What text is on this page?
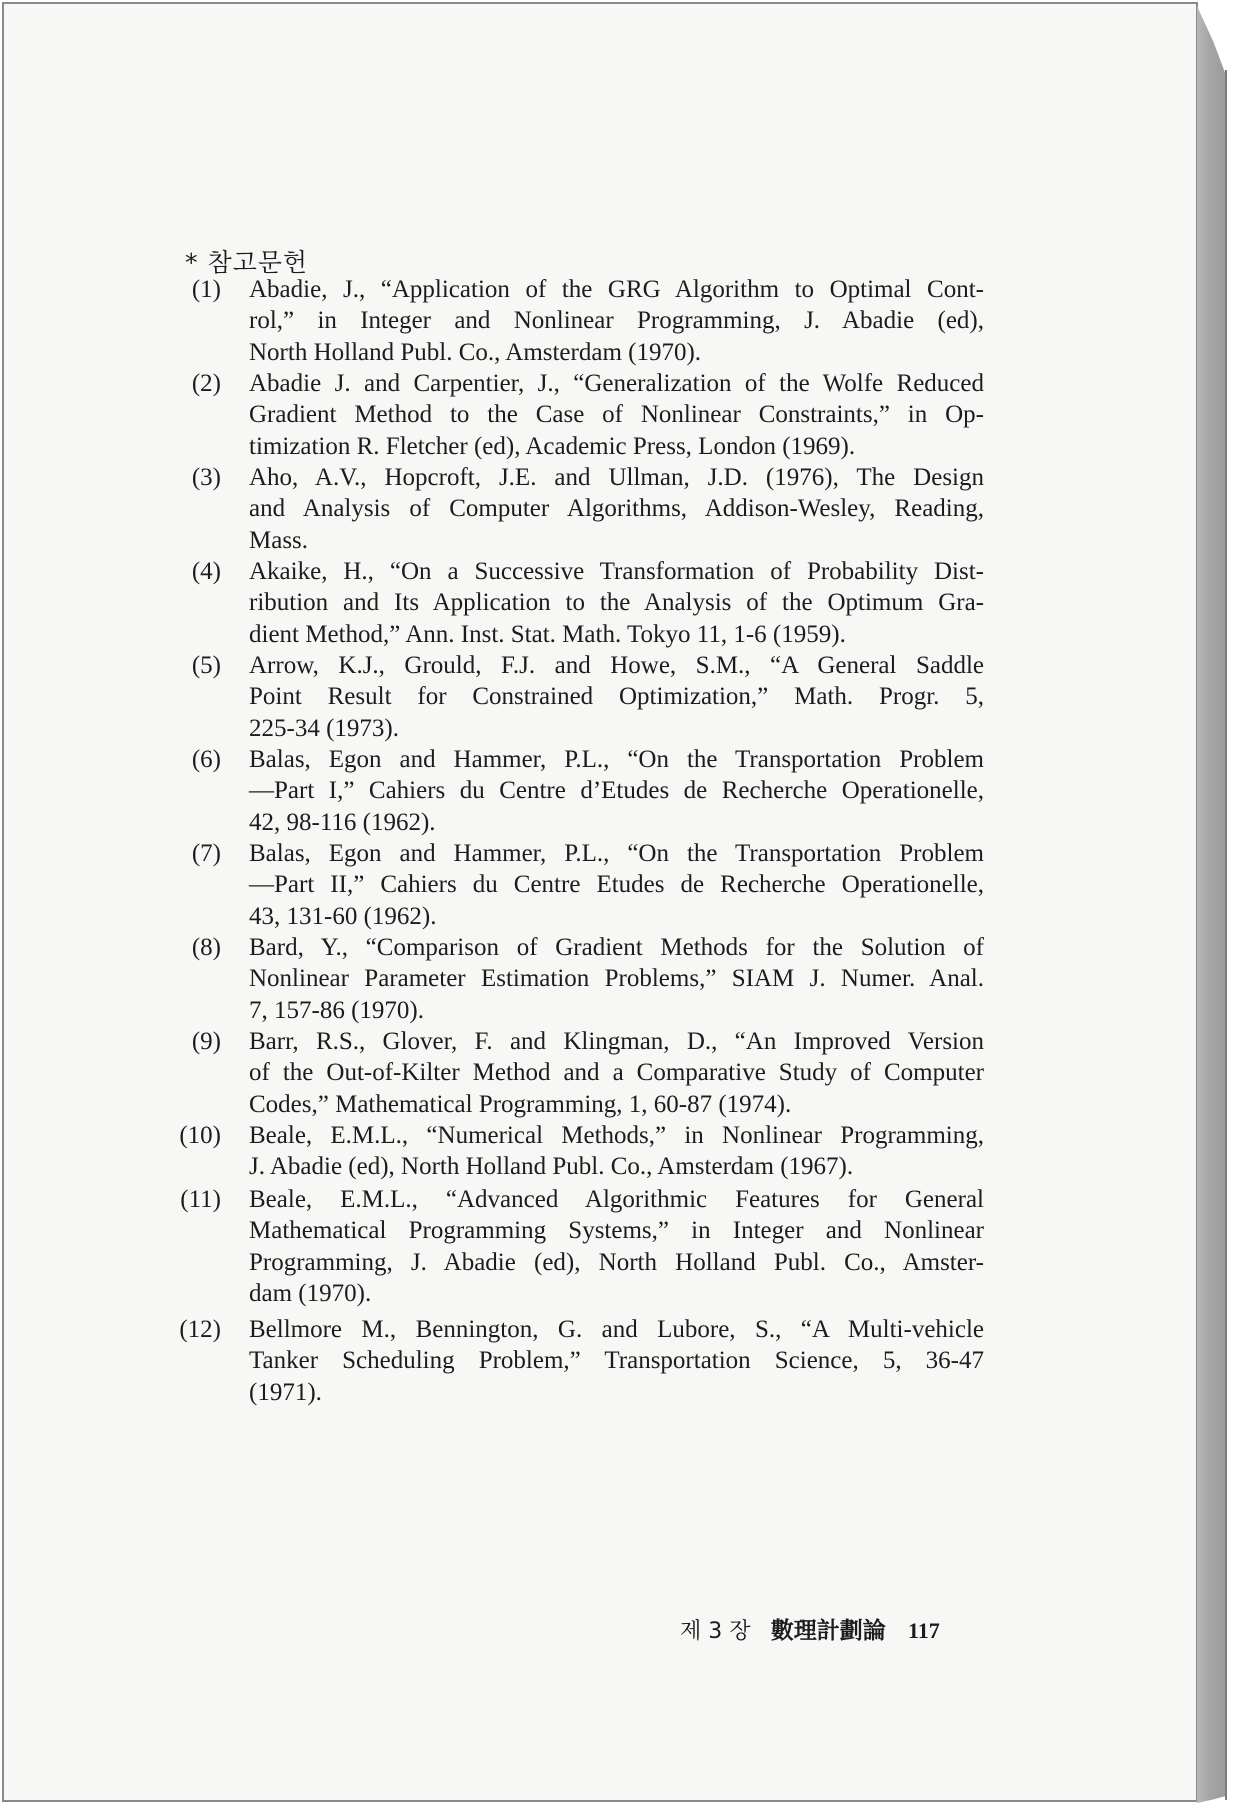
* 참고문헌
(1) Abadie, J., “Application of the GRG Algorithm to Optimal Cont-
rol,” in Integer and Nonlinear Programming, J. Abadie (ed),
North Holland Publ. Co., Amsterdam (1970).
(2) Abadie J. and Carpentier, J., “Generalization of the Wolfe Reduced
Gradient Method to the Case of Nonlinear Constraints,” in Op-
timization R. Fletcher (ed), Academic Press, London (1969).
(3) Aho, A.V., Hopcroft, J.E. and Ullman, J.D. (1976), The Design
and Analysis of Computer Algorithms, Addison-Wesley, Reading,
Mass.
(4) Akaike, H., “On a Successive Transformation of Probability Dist-
ribution and Its Application to the Analysis of the Optimum Gra-
dient Method,” Ann. Inst. Stat. Math. Tokyo 11, 1-6 (1959).
(5) Arrow, K.J., Grould, F.J. and Howe, S.M., “A General Saddle
Point Result for Constrained Optimization,” Math. Progr. 5,
225-34 (1973).
(6) Balas, Egon and Hammer, P.L., “On the Transportation Problem
—Part I,” Cahiers du Centre d’Etudes de Recherche Operationelle,
42, 98-116 (1962).
(7) Balas, Egon and Hammer, P.L., “On the Transportation Problem
—Part II,” Cahiers du Centre Etudes de Recherche Operationelle,
43, 131-60 (1962).
(8) Bard, Y., “Comparison of Gradient Methods for the Solution of
Nonlinear Parameter Estimation Problems,” SIAM J. Numer. Anal.
7, 157-86 (1970).
(9) Barr, R.S., Glover, F. and Klingman, D., “An Improved Version
of the Out-of-Kilter Method and a Comparative Study of Computer
Codes,” Mathematical Programming, 1, 60-87 (1974).
(10) Beale, E.M.L., “Numerical Methods,” in Nonlinear Programming,
J. Abadie (ed), North Holland Publ. Co., Amsterdam (1967).
(11) Beale, E.M.L., “Advanced Algorithmic Features for General
Mathematical Programming Systems,” in Integer and Nonlinear
Programming, J. Abadie (ed), North Holland Publ. Co., Amster-
dam (1970).
(12) Bellmore M., Bennington, G. and Lubore, S., “A Multi-vehicle
Tanker Scheduling Problem,” Transportation Science, 5, 36-47
(1971).
제 3 장 數理計劃論 117
